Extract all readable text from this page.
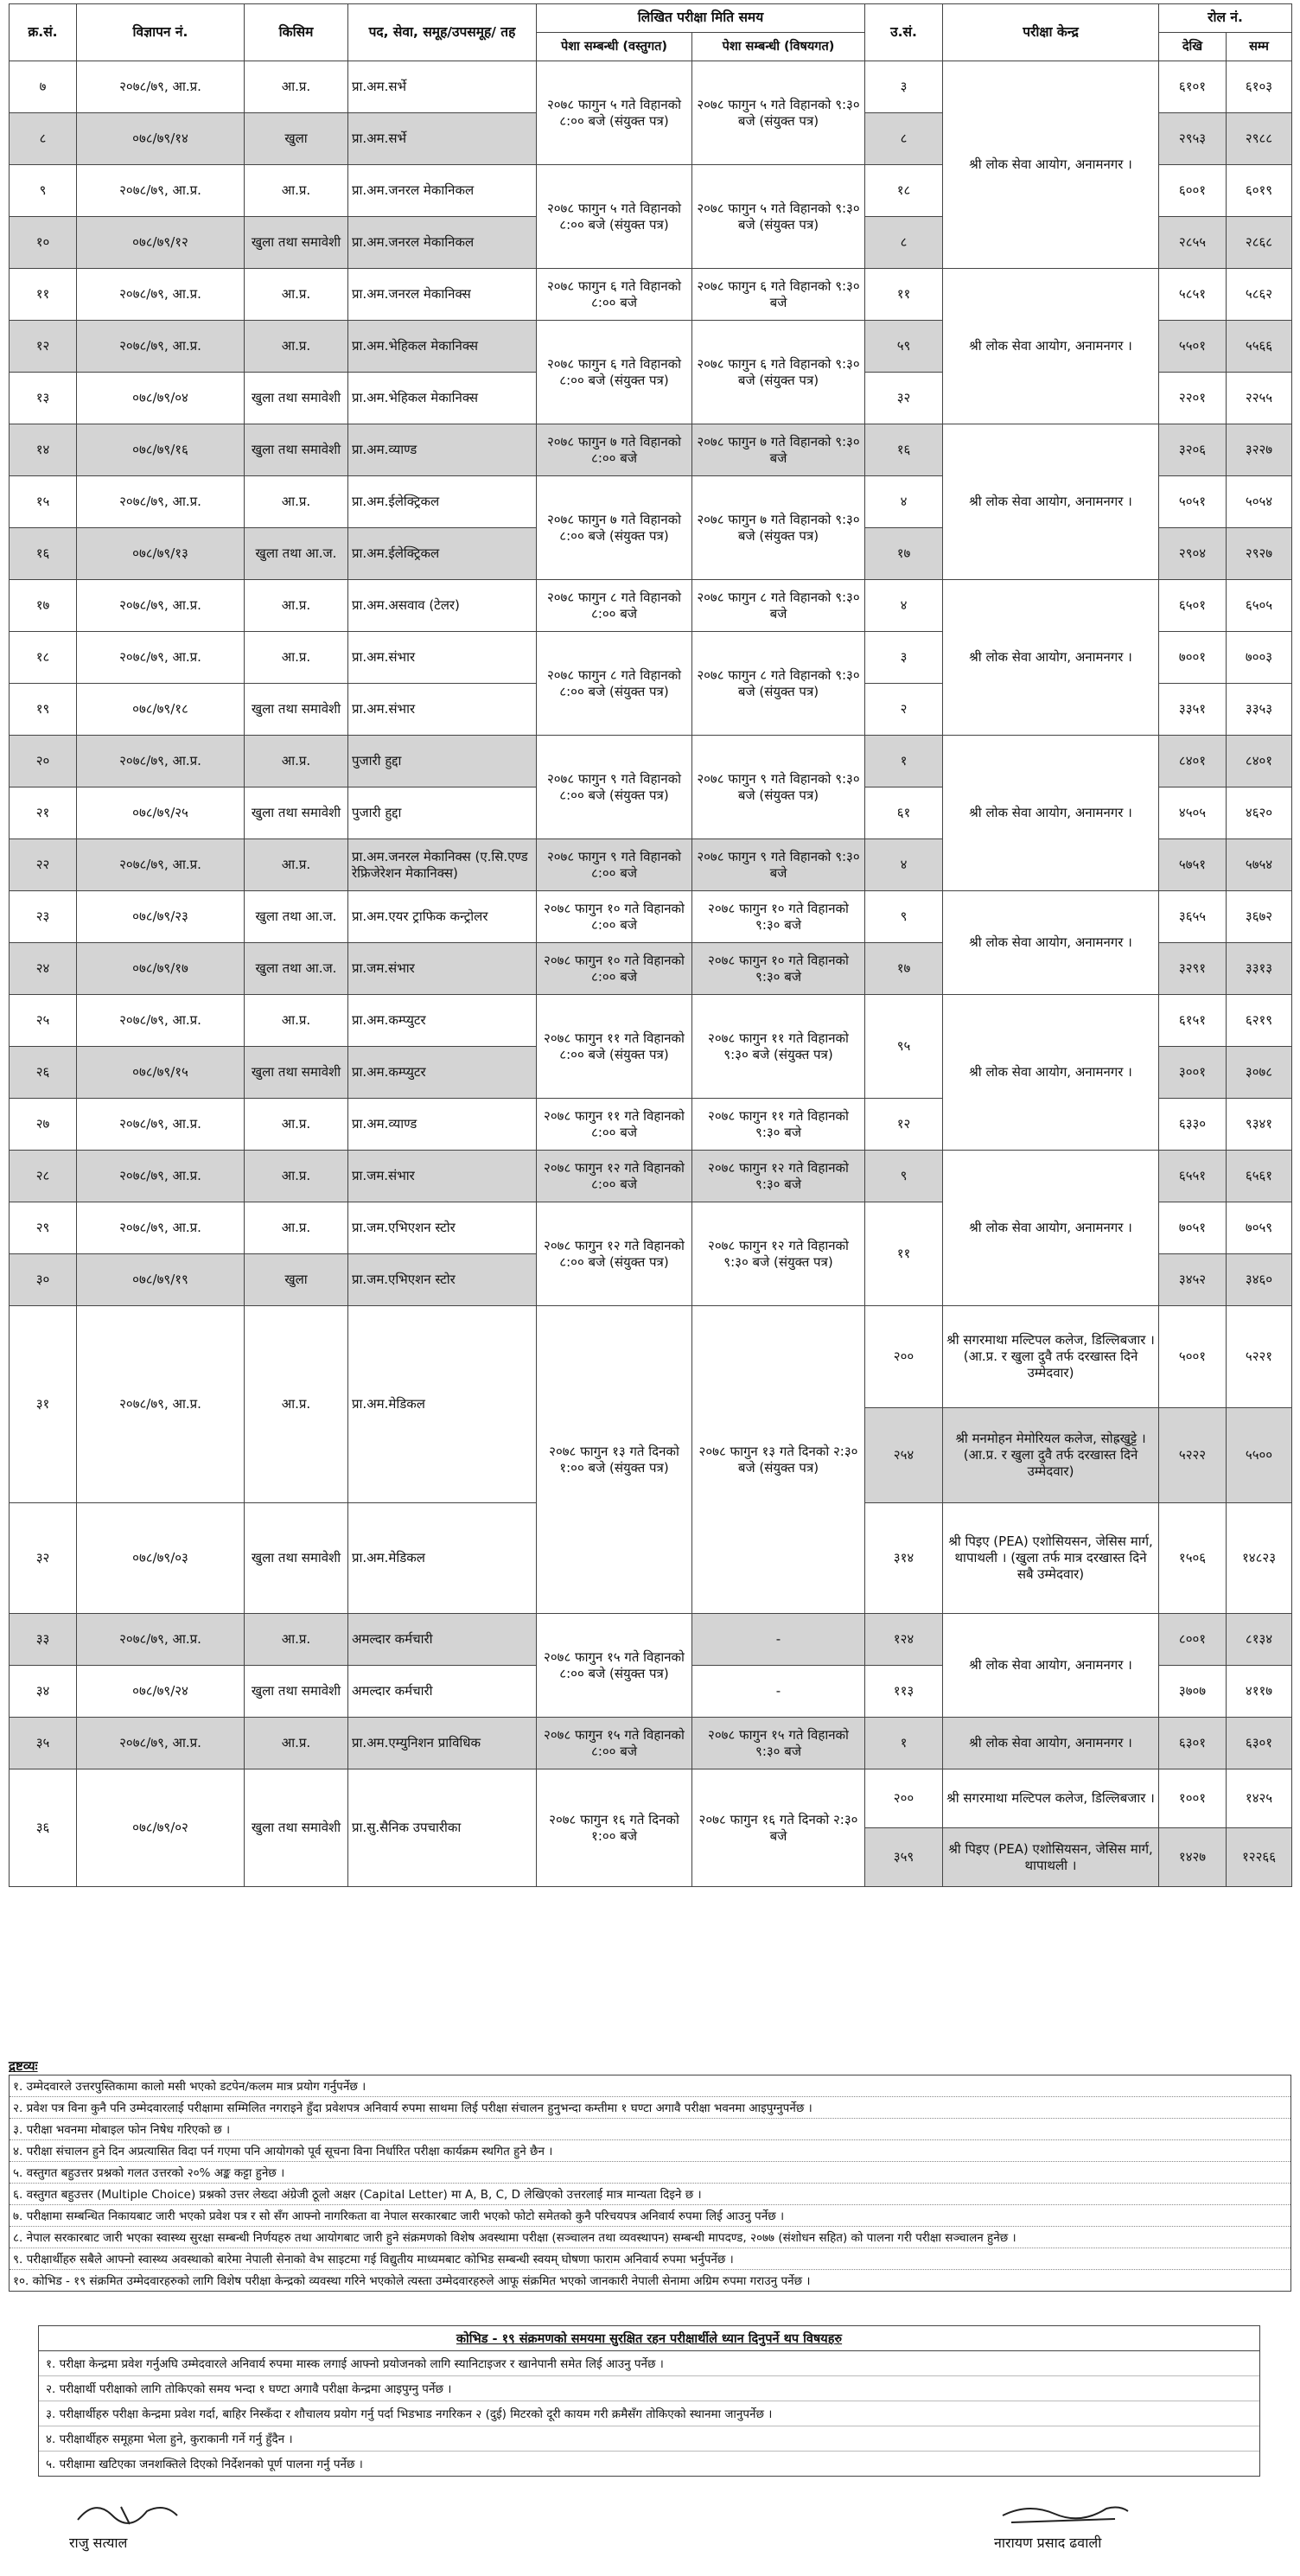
क्र.सं.	विज्ञापन नं.	किसिम	पद, सेवा, समूह/उपसमूह/ तह	लिखित परीक्षा मिति समय		उ.सं.	परीक्षा केन्द्र	रोल नं.	
				पेशा सम्बन्धी (वस्तुगत)	पेशा सम्बन्धी (विषयगत)			देखि	सम्म
७	२०७८/७९, आ.प्र.	आ.प्र.	प्रा.अम.सर्भे	२०७८ फागुन ५ गते विहानको ८:०० बजे (संयुक्त पत्र)	२०७८ फागुन ५ गते विहानको ९:३० बजे (संयुक्त पत्र)	३	श्री लोक सेवा आयोग, अनामनगर ।	६१०१	६१०३
८	०७८/७९/१४	खुला	प्रा.अम.सर्भे			८		२९५३	२९८८
९	२०७८/७९, आ.प्र.	आ.प्र.	प्रा.अम.जनरल मेकानिकल	२०७८ फागुन ५ गते विहानको ८:०० बजे (संयुक्त पत्र)	२०७८ फागुन ५ गते विहानको ९:३० बजे (संयुक्त पत्र)	१८		६००१	६०१९
१०	०७८/७९/१२	खुला तथा समावेशी	प्रा.अम.जनरल मेकानिकल			८		२८५५	२८६८
११	२०७८/७९, आ.प्र.	आ.प्र.	प्रा.अम.जनरल मेकानिक्स	२०७८ फागुन ६ गते विहानको ८:०० बजे	२०७८ फागुन ६ गते विहानको ९:३० बजे	११	श्री लोक सेवा आयोग, अनामनगर ।	५८५१	५८६२
१२	२०७८/७९, आ.प्र.	आ.प्र.	प्रा.अम.भेहिकल मेकानिक्स	२०७८ फागुन ६ गते विहानको ८:०० बजे (संयुक्त पत्र)	२०७८ फागुन ६ गते विहानको ९:३० बजे (संयुक्त पत्र)	५९		५५०१	५५६६
१३	०७८/७९/०४	खुला तथा समावेशी	प्रा.अम.भेहिकल मेकानिक्स			३२		२२०१	२२५५
१४	०७८/७९/१६	खुला तथा समावेशी	प्रा.अम.व्याण्ड	२०७८ फागुन ७ गते विहानको ८:०० बजे	२०७८ फागुन ७ गते विहानको ९:३० बजे	१६	श्री लोक सेवा आयोग, अनामनगर ।	३२०६	३२२७
१५	२०७८/७९, आ.प्र.	आ.प्र.	प्रा.अम.ईलेक्ट्रिकल	२०७८ फागुन ७ गते विहानको ८:०० बजे (संयुक्त पत्र)	२०७८ फागुन ७ गते विहानको ९:३० बजे (संयुक्त पत्र)	४		५०५१	५०५४
१६	०७८/७९/१३	खुला तथा आ.ज.	प्रा.अम.ईलेक्ट्रिकल			१७		२९०४	२९२७
१७	२०७८/७९, आ.प्र.	आ.प्र.	प्रा.अम.असवाव (टेलर)	२०७८ फागुन ८ गते विहानको ८:०० बजे	२०७८ फागुन ८ गते विहानको ९:३० बजे	४	श्री लोक सेवा आयोग, अनामनगर ।	६५०१	६५०५
१८	२०७८/७९, आ.प्र.	आ.प्र.	प्रा.अम.संभार	२०७८ फागुन ८ गते विहानको ८:०० बजे (संयुक्त पत्र)	२०७८ फागुन ८ गते विहानको ९:३० बजे (संयुक्त पत्र)	३		७००१	७००३
१९	०७८/७९/१८	खुला तथा समावेशी	प्रा.अम.संभार			२		३३५१	३३५३
२०	२०७८/७९, आ.प्र.	आ.प्र.	पुजारी हुद्दा	२०७८ फागुन ९ गते विहानको ८:०० बजे (संयुक्त पत्र)	२०७८ फागुन ९ गते विहानको ९:३० बजे (संयुक्त पत्र)	१	श्री लोक सेवा आयोग, अनामनगर ।	८४०१	८४०१
२१	०७८/७९/२५	खुला तथा समावेशी	पुजारी हुद्दा			६१		४५०५	४६२०
२२	२०७८/७९, आ.प्र.	आ.प्र.	प्रा.अम.जनरल मेकानिक्स (ए.सि.एण्ड रेफ्रिजेरेशन मेकानिक्स)	२०७८ फागुन ९ गते विहानको ८:०० बजे	२०७८ फागुन ९ गते विहानको ९:३० बजे	४		५७५१	५७५४
२३	०७८/७९/२३	खुला तथा आ.ज.	प्रा.अम.एयर ट्राफिक कन्ट्रोलर	२०७८ फागुन १० गते विहानको ८:०० बजे	२०७८ फागुन १० गते विहानको ९:३० बजे	९	श्री लोक सेवा आयोग, अनामनगर ।	३६५५	३६७२
२४	०७८/७९/१७	खुला तथा आ.ज.	प्रा.जम.संभार	२०७८ फागुन १० गते विहानको ८:०० बजे	२०७८ फागुन १० गते विहानको ९:३० बजे	१७		३२९१	३३१३
२५	२०७८/७९, आ.प्र.	आ.प्र.	प्रा.अम.कम्प्युटर	२०७८ फागुन ११ गते विहानको ८:०० बजे (संयुक्त पत्र)	२०७८ फागुन ११ गते विहानको ९:३० बजे (संयुक्त पत्र)	९५	श्री लोक सेवा आयोग, अनामनगर ।	६१५१	६२१९
२६	०७८/७९/१५	खुला तथा समावेशी	प्रा.अम.कम्प्युटर					३००१	३०७८
२७	२०७८/७९, आ.प्र.	आ.प्र.	प्रा.अम.व्याण्ड	२०७८ फागुन ११ गते विहानको ८:०० बजे	२०७८ फागुन ११ गते विहानको ९:३० बजे	१२		६३३०	९३४१
२८	२०७८/७९, आ.प्र.	आ.प्र.	प्रा.जम.संभार	२०७८ फागुन १२ गते विहानको ८:०० बजे	२०७८ फागुन १२ गते विहानको ९:३० बजे	९	श्री लोक सेवा आयोग, अनामनगर ।	६५५१	६५६१
२९	२०७८/७९, आ.प्र.	आ.प्र.	प्रा.जम.एभिएशन स्टोर	२०७८ फागुन १२ गते विहानको ८:०० बजे (संयुक्त पत्र)	२०७८ फागुन १२ गते विहानको ९:३० बजे (संयुक्त पत्र)	११		७०५१	७०५९
३०	०७८/७९/१९	खुला	प्रा.जम.एभिएशन स्टोर					३४५२	३४६०
३१	२०७८/७९, आ.प्र.	आ.प्र.	प्रा.अम.मेडिकल	२०७८ फागुन १३ गते दिनको १:०० बजे (संयुक्त पत्र)	२०७८ फागुन १३ गते दिनको २:३० बजे (संयुक्त पत्र)	२००	श्री सगरमाथा मल्टिपल कलेज, डिल्लिबजार । (आ.प्र. र खुला दुवै तर्फ दरखास्त दिने उम्मेदवार)	५००१	५२२१
						२५४	श्री मनमोहन मेमोरियल कलेज, सोह्रखुट्टे । (आ.प्र. र खुला दुवै तर्फ दरखास्त दिने उम्मेदवार)	५२२२	५५००
३२	०७८/७९/०३	खुला तथा समावेशी	प्रा.अम.मेडिकल			३१४	श्री पिइए (PEA) एशोसियसन, जेसिस मार्ग, थापाथली । (खुला तर्फ मात्र दरखास्त दिने सबै उम्मेदवार)	१५०६	१४८२३
३३	२०७८/७९, आ.प्र.	आ.प्र.	अमल्दार कर्मचारी	२०७८ फागुन १५ गते विहानको ८:०० बजे (संयुक्त पत्र)	-	१२४	श्री लोक सेवा आयोग, अनामनगर ।	८००१	८१३४
३४	०७८/७९/२४	खुला तथा समावेशी	अमल्दार कर्मचारी		-	११३		३७०७	४११७
३५	२०७८/७९, आ.प्र.	आ.प्र.	प्रा.अम.एम्युनिशन प्राविधिक	२०७८ फागुन १५ गते विहानको ८:०० बजे	२०७८ फागुन १५ गते विहानको ९:३० बजे	१	श्री लोक सेवा आयोग, अनामनगर ।	६३०१	६३०१
३६	०७८/७९/०२	खुला तथा समावेशी	प्रा.सु.सैनिक उपचारीका	२०७८ फागुन १६ गते दिनको १:०० बजे	२०७८ फागुन १६ गते दिनको २:३० बजे	२००	श्री सगरमाथा मल्टिपल कलेज, डिल्लिबजार ।	१००१	१४२५
						३५९	श्री पिइए (PEA) एशोसियसन, जेसिस मार्ग, थापाथली ।	१४२७	१२२६६
द्रष्टव्यः
१. उम्मेदवारले उत्तरपुस्तिकामा कालो मसी भएको डटपेन/कलम मात्र प्रयोग गर्नुपर्नेछ ।
२. प्रवेश पत्र विना कुनै पनि उम्मेदवारलाई परीक्षामा सम्मिलित नगराइने हुँदा प्रवेशपत्र अनिवार्य रुपमा साथमा लिई परीक्षा संचालन हुनुभन्दा कम्तीमा १ घण्टा अगावै परीक्षा भवनमा आइपुग्नुपर्नेछ ।
३. परीक्षा भवनमा मोबाइल फोन निषेध गरिएको छ ।
४. परीक्षा संचालन हुने दिन अप्रत्यासित विदा पर्न गएमा पनि आयोगको पूर्व सूचना विना निर्धारित परीक्षा कार्यक्रम स्थगित हुने छैन ।
५. वस्तुगत बहुउत्तर प्रश्नको गलत उत्तरको २०% अङ्क कट्टा हुनेछ ।
६. वस्तुगत बहुउत्तर (Multiple Choice) प्रश्नको उत्तर लेख्दा अंग्रेजी ठूलो अक्षर (Capital Letter) मा A, B, C, D लेखिएको उत्तरलाई मात्र मान्यता दिइने छ ।
७. परीक्षामा सम्बन्धित निकायबाट जारी भएको प्रवेश पत्र र सो सँग आफ्नो नागरिकता वा नेपाल सरकारबाट जारी भएको फोटो समेतको कुनै परिचयपत्र अनिवार्य रुपमा लिई आउनु पर्नेछ ।
८. नेपाल सरकारबाट जारी भएका स्वास्थ्य सुरक्षा सम्बन्धी निर्णयहरु तथा आयोगबाट जारी हुने संक्रमणको विशेष अवस्थामा परीक्षा (सञ्चालन तथा व्यवस्थापन) सम्बन्धी मापदण्ड, २०७७ (संशोधन सहित) को पालना गरी परीक्षा सञ्चालन हुनेछ ।
९. परीक्षार्थीहरु सबैले आफ्नो स्वास्थ्य अवस्थाको बारेमा नेपाली सेनाको वेभ साइटमा गई विद्युतीय माध्यमबाट कोभिड सम्बन्धी स्वयम् घोषणा फाराम अनिवार्य रुपमा भर्नुपर्नेछ ।
१०. कोभिड - १९ संक्रमित उम्मेदवारहरुको लागि विशेष परीक्षा केन्द्रको व्यवस्था गरिने भएकोले त्यस्ता उम्मेदवारहरुले आफू संक्रमित भएको जानकारी नेपाली सेनामा अग्रिम रुपमा गराउनु पर्नेछ ।
कोभिड - १९ संक्रमणको समयमा सुरक्षित रहन परीक्षार्थीले ध्यान दिनुपर्ने थप विषयहरु
१. परीक्षा केन्द्रमा प्रवेश गर्नुअघि उम्मेदवारले अनिवार्य रुपमा मास्क लगाई आफ्नो प्रयोजनको लागि स्यानिटाइजर र खानेपानी समेत लिई आउनु पर्नेछ ।
२. परीक्षार्थी परीक्षाको लागि तोकिएको समय भन्दा १ घण्टा अगावै परीक्षा केन्द्रमा आइपुग्नु पर्नेछ ।
३. परीक्षार्थीहरु परीक्षा केन्द्रमा प्रवेश गर्दा, बाहिर निस्कँदा र शौचालय प्रयोग गर्नु पर्दा भिडभाड नगरिकन २ (दुई) मिटरको दूरी कायम गरी क्रमैसँग तोकिएको स्थानमा जानुपर्नेछ ।
४. परीक्षार्थीहरु समूहमा भेला हुने, कुराकानी गर्ने गर्नु हुँदैन ।
५. परीक्षामा खटिएका जनशक्तिले दिएको निर्देशनको पूर्ण पालना गर्नु पर्नेछ ।
राजु सत्याल	नारायण प्रसाद ढवाली
